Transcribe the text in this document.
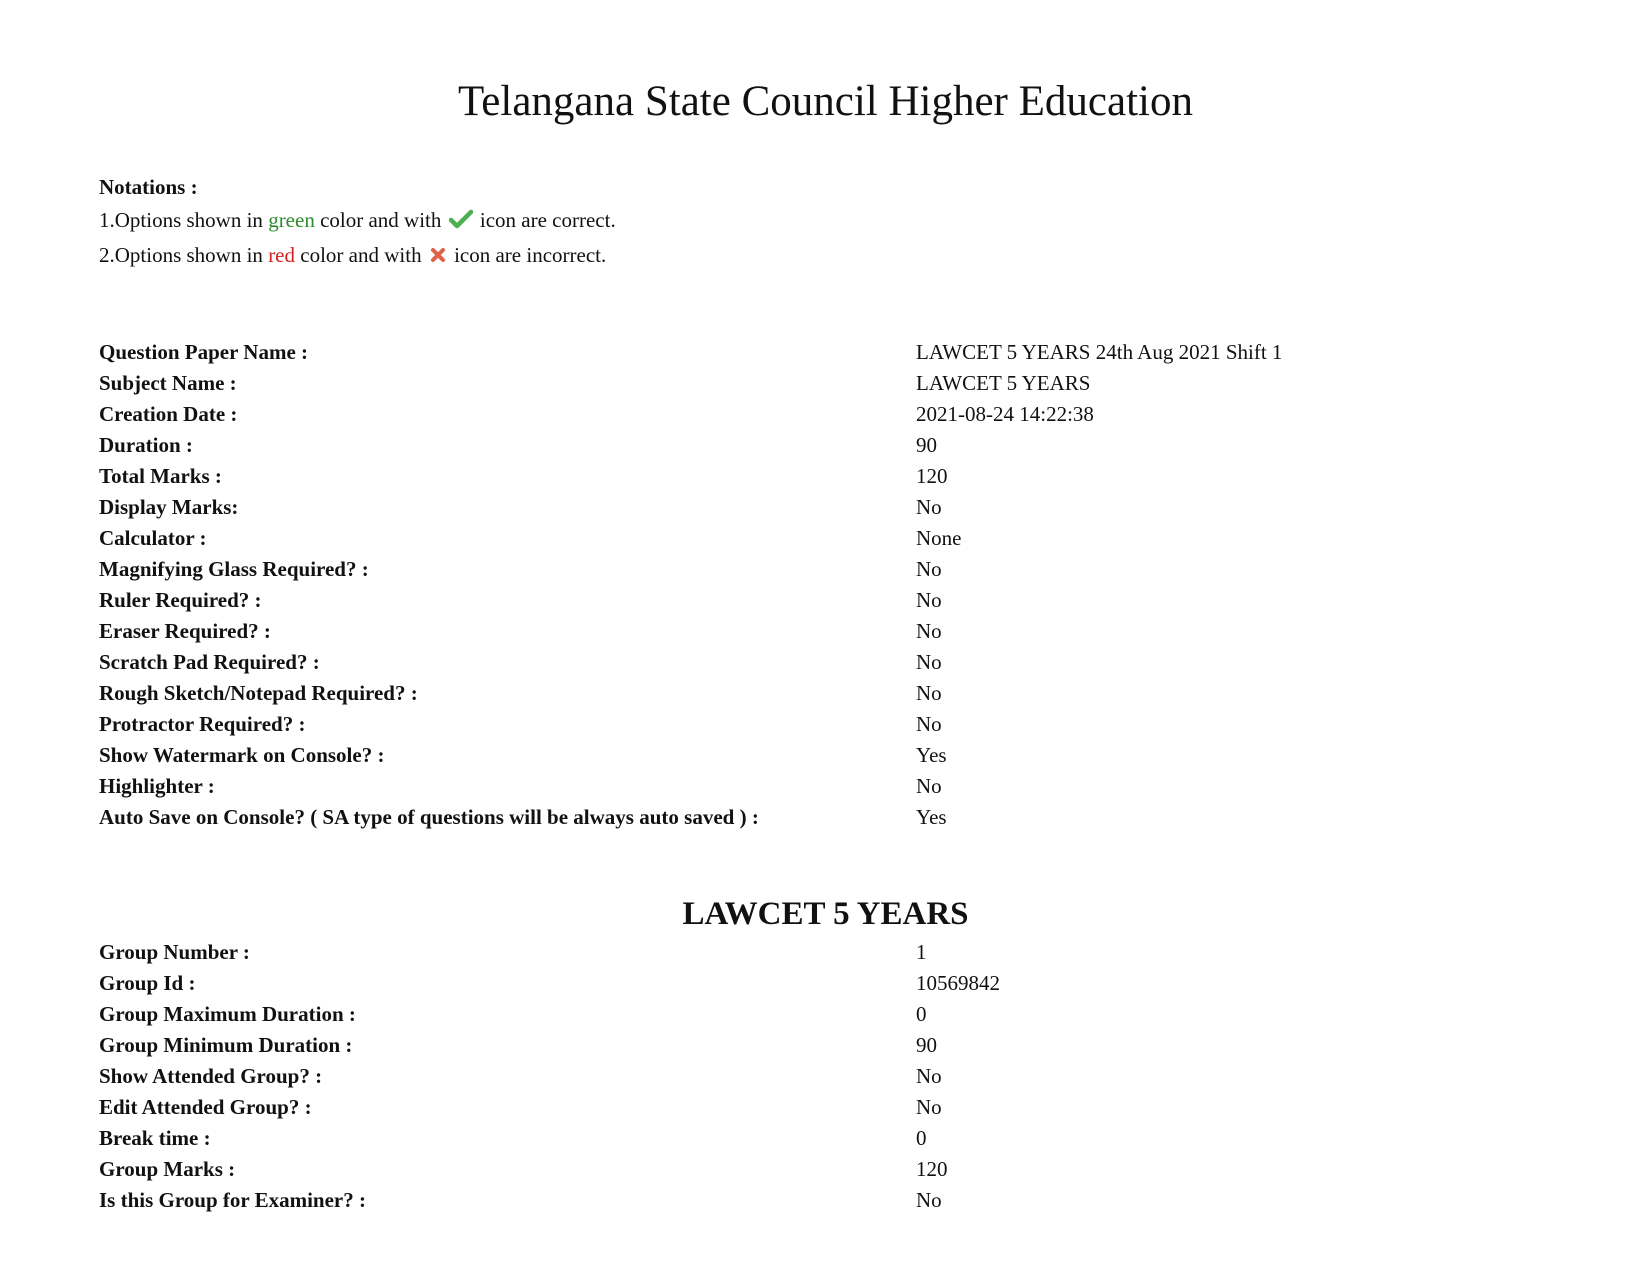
Telangana State Council Higher Education
Notations :
1.Options shown in green color and with  icon are correct.
2.Options shown in red color and with  icon are incorrect.
Question Paper Name :	LAWCET 5 YEARS 24th Aug 2021 Shift 1
Subject Name :	LAWCET 5 YEARS
Creation Date :	2021-08-24 14:22:38
Duration :	90
Total Marks :	120
Display Marks:	No
Calculator :	None
Magnifying Glass Required? :	No
Ruler Required? :	No
Eraser Required? :	No
Scratch Pad Required? :	No
Rough Sketch/Notepad Required? :	No
Protractor Required? :	No
Show Watermark on Console? :	Yes
Highlighter :	No
Auto Save on Console? ( SA type of questions will be always auto saved ) :	Yes
LAWCET 5 YEARS
Group Number :	1
Group Id :	10569842
Group Maximum Duration :	0
Group Minimum Duration :	90
Show Attended Group? :	No
Edit Attended Group? :	No
Break time :	0
Group Marks :	120
Is this Group for Examiner? :	No
